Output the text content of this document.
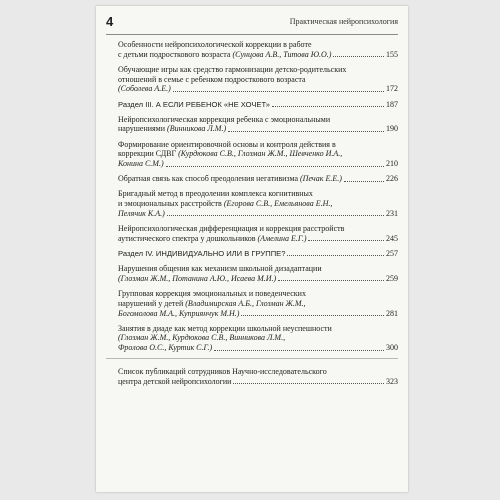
4	Практическая нейропсихология
Особенности нейропсихологической коррекции в работе
с детьми подросткового возраста (Сунцова А.В., Титова Ю.О.)	155
Обучающие игры как средство гармонизации детско-родительских
отношений в семье с ребенком подросткового возраста
(Соболева А.Е.)	172
Раздел III. А ЕСЛИ РЕБЕНОК «НЕ ХОЧЕТ»	187
Нейропсихологическая коррекция ребенка с эмоциональными
нарушениями (Винникова Л.М.)	190
Формирование ориентировочной основы и контроля действия в
коррекции СДВГ (Курдюкова С.В., Глозман Ж.М., Шевченко И.А.,
Конина С.М.)	210
Обратная связь как способ преодоления негативизма (Печак Е.Е.)	226
Бригадный метод в преодолении комплекса когнитивных
и эмоциональных расстройств (Егорова С.В., Емельянова Е.Н.,
Пелячик К.А.)	231
Нейропсихологическая дифференциация и коррекция расстройств
аутистического спектра у дошкольников (Амелина Е.Г.)	245
Раздел IV. ИНДИВИДУАЛЬНО ИЛИ В ГРУППЕ?	257
Нарушения общения как механизм школьной дизадаптации
(Глозман Ж.М., Потанина А.Ю., Исаева М.И.)	259
Групповая коррекция эмоциональных и поведенческих
нарушений у детей (Владимирская А.Б., Глозман Ж.М.,
Богомолова М.А., Куприянчук М.Н.)	281
Занятия в диаде как метод коррекции школьной неуспешности
(Глозман Ж.М., Курдюкова С.В., Винникова Л.М.,
Фролова О.С., Куртик С.Г.)	300
Список публикаций сотрудников Научно-исследовательского
центра детской нейропсихологии	323
